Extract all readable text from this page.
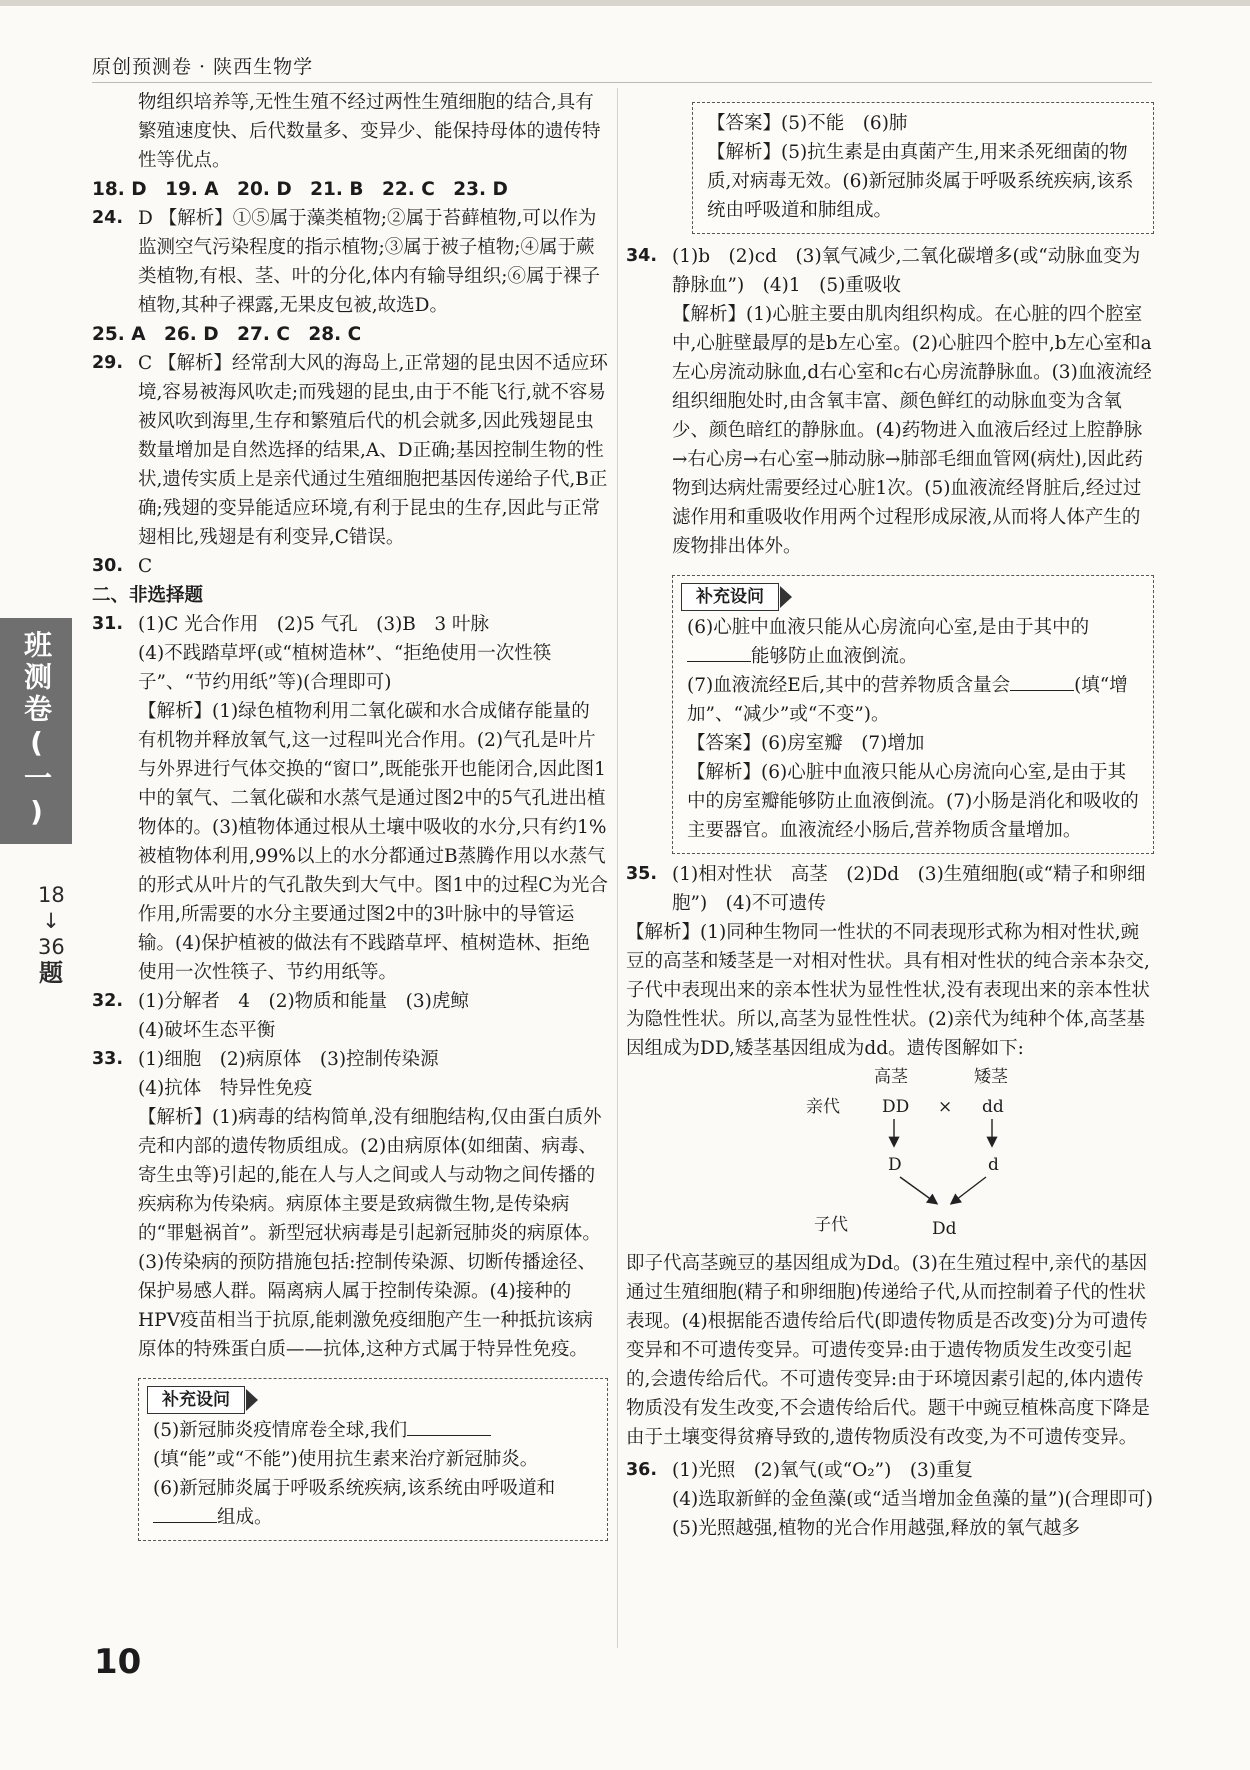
原创预测卷 · 陕西生物学
班测卷(一)
18
↓
36
题

物组织培养等,无性生殖不经过两性生殖细胞的结合,具有繁殖速度快、后代数量多、变异少、能保持母体的遗传特性等优点。

18. D　19. A　20. D　21. B　22. C　23. D

24. D 【解析】①⑤属于藻类植物;②属于苔藓植物,可以作为监测空气污染程度的指示植物;③属于被子植物;④属于蕨类植物,有根、茎、叶的分化,体内有输导组织;⑥属于裸子植物,其种子裸露,无果皮包被,故选D。

25. A　26. D　27. C　28. C

29. C 【解析】经常刮大风的海岛上,正常翅的昆虫因不适应环境,容易被海风吹走;而残翅的昆虫,由于不能飞行,就不容易被风吹到海里,生存和繁殖后代的机会就多,因此残翅昆虫数量增加是自然选择的结果,A、D正确;基因控制生物的性状,遗传实质上是亲代通过生殖细胞把基因传递给子代,B正确;残翅的变异能适应环境,有利于昆虫的生存,因此与正常翅相比,残翅是有利变异,C错误。
30. C

二、非选择题

31. (1)C 光合作用　(2)5 气孔　(3)B　3 叶脉

(4)不践踏草坪(或“植树造林”、“拒绝使用一次性筷子”、“节约用纸”等)(合理即可)

【解析】(1)绿色植物利用二氧化碳和水合成储存能量的有机物并释放氧气,这一过程叫光合作用。(2)气孔是叶片与外界进行气体交换的“窗口”,既能张开也能闭合,因此图1中的氧气、二氧化碳和水蒸气是通过图2中的5气孔进出植物体的。(3)植物体通过根从土壤中吸收的水分,只有约1%被植物体利用,99%以上的水分都通过B蒸腾作用以水蒸气的形式从叶片的气孔散失到大气中。图1中的过程C为光合作用,所需要的水分主要通过图2中的3叶脉中的导管运输。(4)保护植被的做法有不践踏草坪、植树造林、拒绝使用一次性筷子、节约用纸等。

32. (1)分解者　4　(2)物质和能量　(3)虎鲸

(4)破坏生态平衡

33. (1)细胞　(2)病原体　(3)控制传染源

(4)抗体　特异性免疫

【解析】(1)病毒的结构简单,没有细胞结构,仅由蛋白质外壳和内部的遗传物质组成。(2)由病原体(如细菌、病毒、寄生虫等)引起的,能在人与人之间或人与动物之间传播的疾病称为传染病。病原体主要是致病微生物,是传染病的“罪魁祸首”。新型冠状病毒是引起新冠肺炎的病原体。(3)传染病的预防措施包括:控制传染源、切断传播途径、保护易感人群。隔离病人属于控制传染源。(4)接种的HPV疫苗相当于抗原,能刺激免疫细胞产生一种抵抗该病原体的特殊蛋白质——抗体,这种方式属于特异性免疫。

补充设问

(5)新冠肺炎疫情席卷全球,我们(填“能”或“不能”)使用抗生素来治疗新冠肺炎。

(6)新冠肺炎属于呼吸系统疾病,该系统由呼吸道和组成。

【答案】(5)不能　(6)肺

【解析】(5)抗生素是由真菌产生,用来杀死细菌的物质,对病毒无效。(6)新冠肺炎属于呼吸系统疾病,该系统由呼吸道和肺组成。

34. (1)b　(2)cd　(3)氧气减少,二氧化碳增多(或“动脉血变为静脉血”)　(4)1　(5)重吸收

【解析】(1)心脏主要由肌肉组织构成。在心脏的四个腔室中,心脏壁最厚的是b左心室。(2)心脏四个腔中,b左心室和a左心房流动脉血,d右心室和c右心房流静脉血。(3)血液流经组织细胞处时,由含氧丰富、颜色鲜红的动脉血变为含氧少、颜色暗红的静脉血。(4)药物进入血液后经过上腔静脉→右心房→右心室→肺动脉→肺部毛细血管网(病灶),因此药物到达病灶需要经过心脏1次。(5)血液流经肾脏后,经过过滤作用和重吸收作用两个过程形成尿液,从而将人体产生的废物排出体外。

补充设问

(6)心脏中血液只能从心房流向心室,是由于其中的能够防止血液倒流。

(7)血液流经E后,其中的营养物质含量会	(填“增加”、“减少”或“不变”)。

【答案】(6)房室瓣　(7)增加

【解析】(6)心脏中血液只能从心房流向心室,是由于其中的房室瓣能够防止血液倒流。(7)小肠是消化和吸收的主要器官。血液流经小肠后,营养物质含量增加。

35. (1)相对性状　高茎　(2)Dd　(3)生殖细胞(或“精子和卵细胞”)　(4)不可遗传

【解析】(1)同种生物同一性状的不同表现形式称为相对性状,豌豆的高茎和矮茎是一对相对性状。具有相对性状的纯合亲本杂交,子代中表现出来的亲本性状为显性性状,没有表现出来的亲本性状为隐性性状。所以,高茎为显性性状。(2)亲代为纯种个体,高茎基因组成为DD,矮茎基因组成为dd。遗传图解如下:

高茎	矮茎
亲代 DD × dd
D	d
子代	Dd

即子代高茎豌豆的基因组成为Dd。(3)在生殖过程中,亲代的基因通过生殖细胞(精子和卵细胞)传递给子代,从而控制着子代的性状表现。(4)根据能否遗传给后代(即遗传物质是否改变)分为可遗传变异和不可遗传变异。可遗传变异:由于遗传物质发生改变引起的,会遗传给后代。不可遗传变异:由于环境因素引起的,体内遗传物质没有发生改变,不会遗传给后代。题干中豌豆植株高度下降是由于土壤变得贫瘠导致的,遗传物质没有改变,为不可遗传变异。

36. (1)光照　(2)氧气(或“O₂”)　(3)重复

(4)选取新鲜的金鱼藻(或“适当增加金鱼藻的量”)(合理即可)　(5)光照越强,植物的光合作用越强,释放的氧气越多

10
